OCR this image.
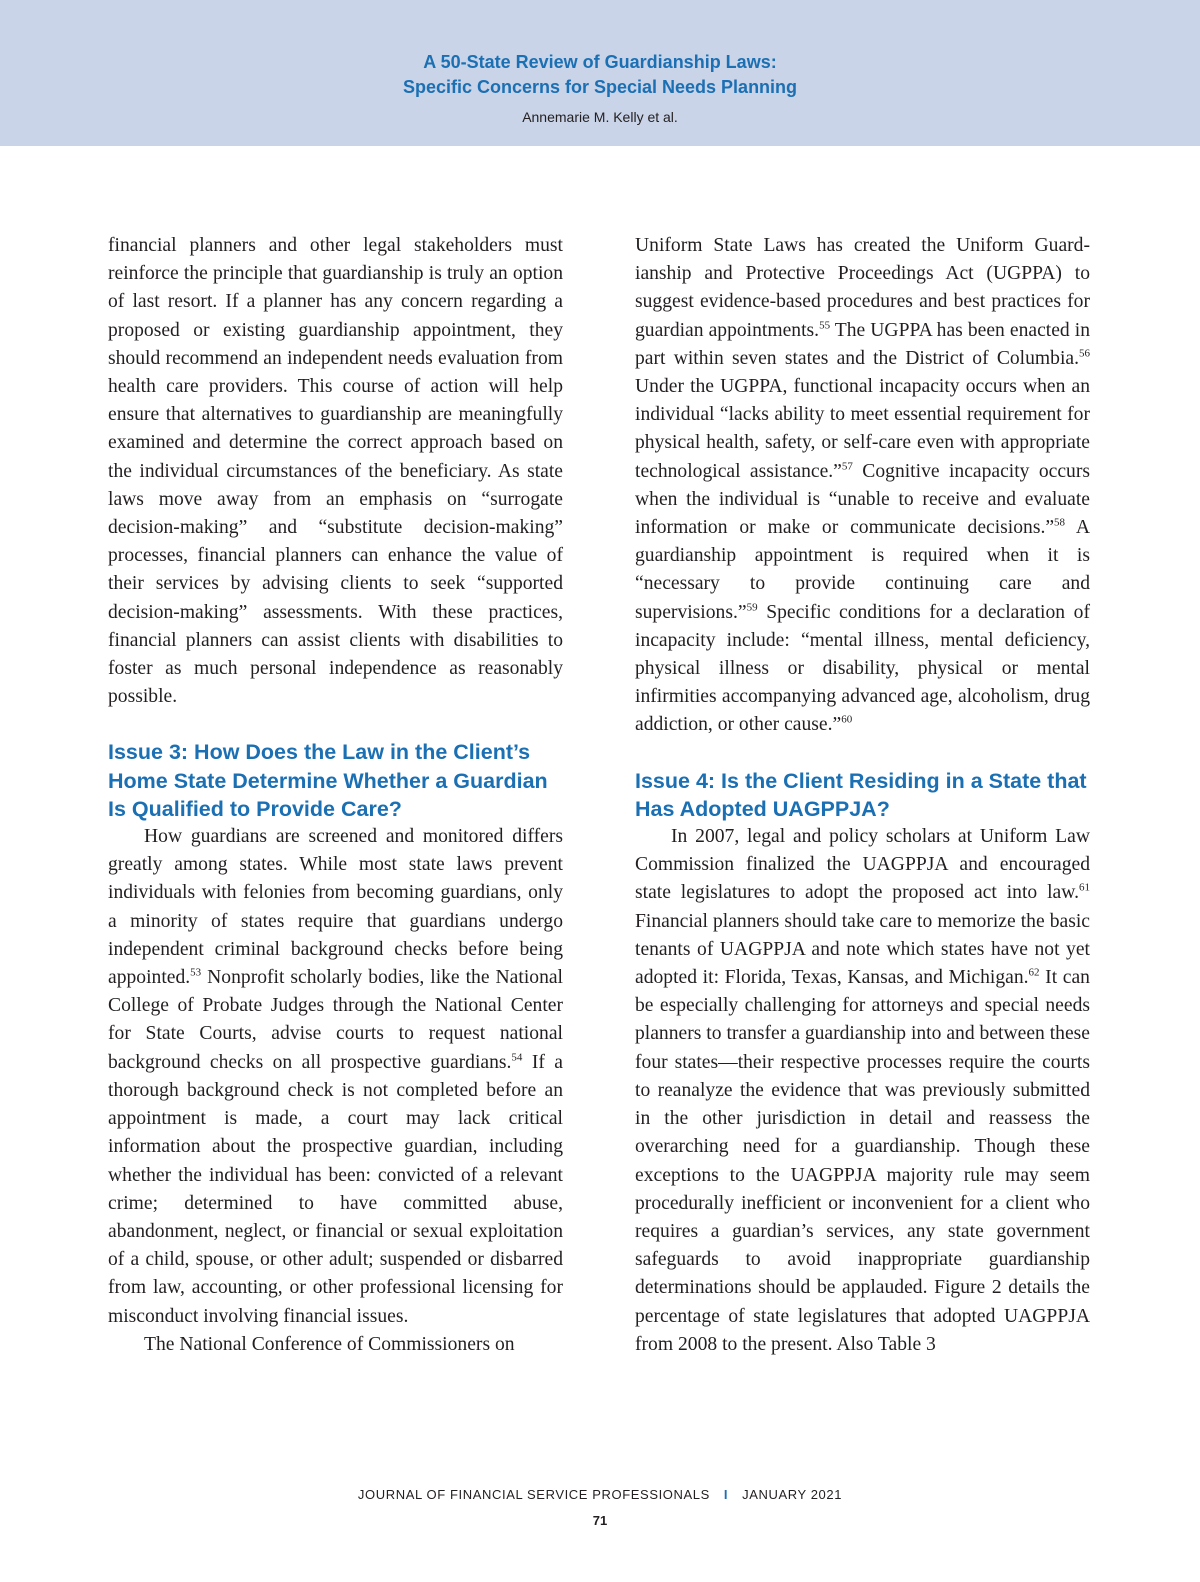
A 50-State Review of Guardianship Laws:
Specific Concerns for Special Needs Planning
Annemarie M. Kelly et al.

financial planners and other legal stakeholders must reinforce the principle that guardianship is truly an option of last resort. If a planner has any concern regarding a proposed or existing guardianship appointment, they should recommend an independent needs evaluation from health care providers. This course of action will help ensure that alternatives to guardianship are meaningfully examined and determine the correct approach based on the individual circumstances of the beneficiary. As state laws move away from an emphasis on “surrogate decision-making” and “substitute decision-making” processes, financial planners can enhance the value of their services by advising clients to seek “supported decision-making” assessments. With these practices, financial planners can assist clients with disabilities to foster as much personal independence as reasonably possible.

Issue 3: How Does the Law in the Client’s Home State Determine Whether a Guardian Is Qualified to Provide Care?

How guardians are screened and monitored differs greatly among states. While most state laws prevent individuals with felonies from becoming guardians, only a minority of states require that guardians undergo independent criminal background checks before being appointed.$^{53}$ Nonprofit scholarly bodies, like the National College of Probate Judges through the National Center for State Courts, advise courts to request national background checks on all prospective guardians.$^{54}$ If a thorough background check is not completed before an appointment is made, a court may lack critical information about the prospective guardian, including whether the individual has been: convicted of a relevant crime; determined to have committed abuse, abandonment, neglect, or financial or sexual exploitation of a child, spouse, or other adult; suspended or disbarred from law, accounting, or other professional licensing for misconduct involving financial issues.

The National Conference of Commissioners on

Uniform State Laws has created the Uniform Guardianship and Protective Proceedings Act (UGPPA) to suggest evidence-based procedures and best practices for guardian appointments.$^{55}$ The UGPPA has been enacted in part within seven states and the District of Columbia.$^{56}$ Under the UGPPA, functional incapacity occurs when an individual “lacks ability to meet essential requirement for physical health, safety, or self-care even with appropriate technological assistance.”$^{57}$ Cognitive incapacity occurs when the individual is “unable to receive and evaluate information or make or communicate decisions.”$^{58}$ A guardianship appointment is required when it is “necessary to provide continuing care and supervisions.”$^{59}$ Specific conditions for a declaration of incapacity include: “mental illness, mental deficiency, physical illness or disability, physical or mental infirmities accompanying advanced age, alcoholism, drug addiction, or other cause.”$^{60}$

Issue 4: Is the Client Residing in a State that Has Adopted UAGPPJA?

In 2007, legal and policy scholars at Uniform Law Commission finalized the UAGPPJA and encouraged state legislatures to adopt the proposed act into law.$^{61}$ Financial planners should take care to memorize the basic tenants of UAGPPJA and note which states have not yet adopted it: Florida, Texas, Kansas, and Michigan.$^{62}$ It can be especially challenging for attorneys and special needs planners to transfer a guardianship into and between these four states—their respective processes require the courts to reanalyze the evidence that was previously submitted in the other jurisdiction in detail and reassess the overarching need for a guardianship. Though these exceptions to the UAGPPJA majority rule may seem procedurally inefficient or inconvenient for a client who requires a guardian’s services, any state government safeguards to avoid inappropriate guardianship determinations should be applauded. Figure 2 details the percentage of state legislatures that adopted UAGPPJA from 2008 to the present. Also Table 3

JOURNAL OF FINANCIAL SERVICE PROFESSIONALS I JANUARY 2021
71
